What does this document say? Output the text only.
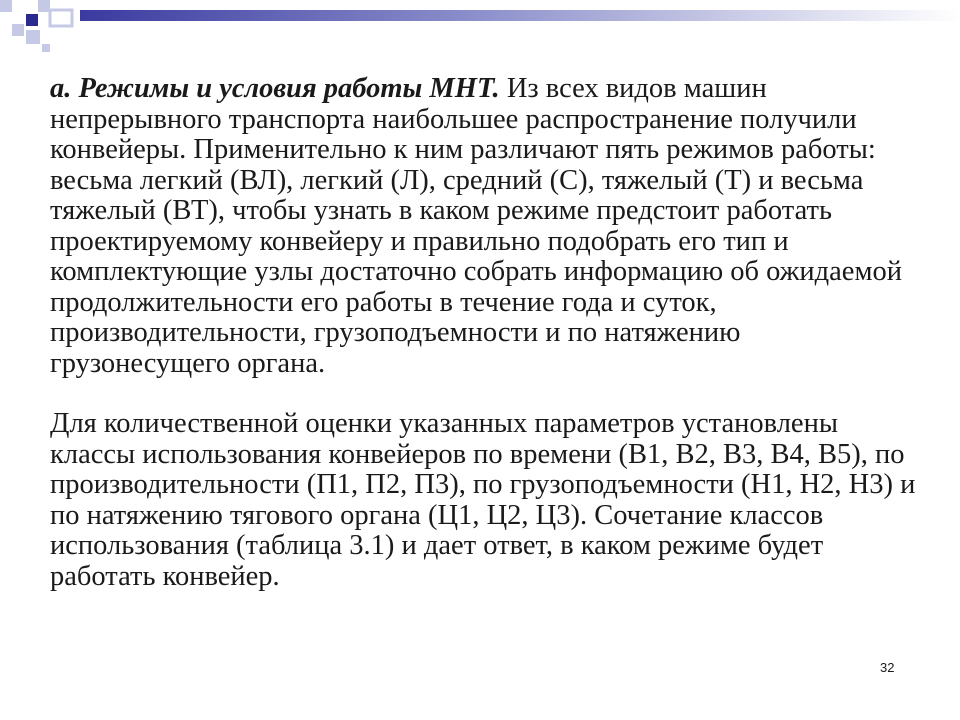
а. Режимы и условия работы МНТ. Из всех видов машин непрерывного транспорта наибольшее распространение получили конвейеры. Применительно к ним различают пять режимов работы: весьма легкий (ВЛ), легкий (Л), средний (С), тяжелый (Т) и весьма тяжелый (ВТ), чтобы узнать в каком режиме предстоит работать проектируемому конвейеру и правильно подобрать его тип и комплектующие узлы достаточно собрать информацию об ожидаемой продолжительности его работы в течение года и суток, производительности, грузоподъемности и по натяжению грузонесущего органа.

Для количественной оценки указанных параметров установлены классы использования конвейеров по времени (В1, В2, В3, В4, В5), по производительности (П1, П2, П3), по грузоподъемности (Н1, Н2, Н3) и по натяжению тягового органа (Ц1, Ц2, Ц3). Сочетание классов использования (таблица 3.1) и дает ответ, в каком режиме будет работать конвейер.

32
